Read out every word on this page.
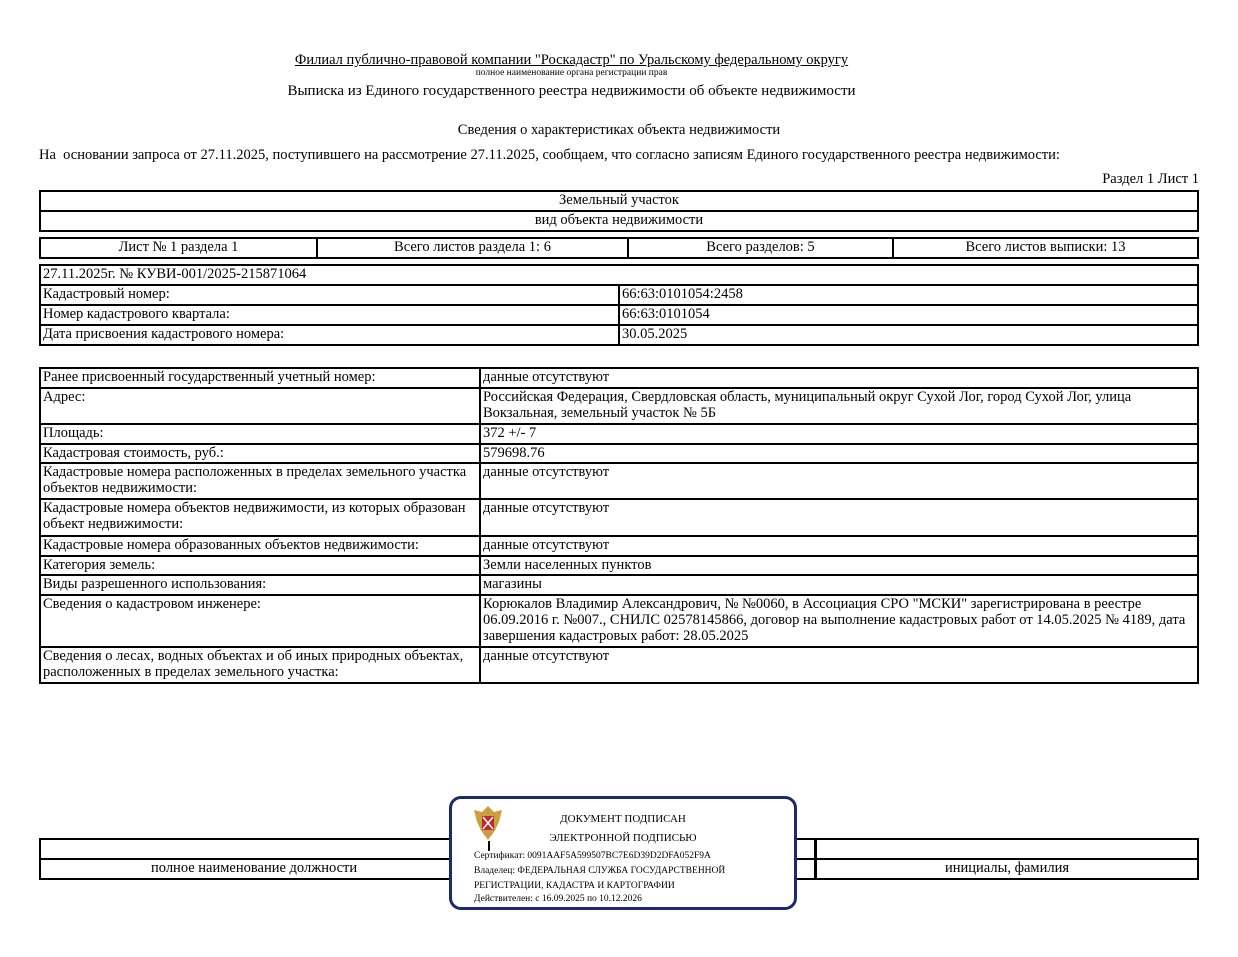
Филиал публично-правовой компании "Роскадастр" по Уральскому федеральному округу
полное наименование органа регистрации прав
Выписка из Единого государственного реестра недвижимости об объекте недвижимости
Сведения о характеристиках объекта недвижимости
На  основании запроса от 27.11.2025, поступившего на рассмотрение 27.11.2025, сообщаем, что согласно записям Единого государственного реестра недвижимости:
Раздел 1 Лист 1
Земельный участок
вид объекта недвижимости
Лист № 1 раздела 1	Всего листов раздела 1: 6	Всего разделов: 5	Всего листов выписки: 13
27.11.2025г. № КУВИ-001/2025-215871064	
Кадастровый номер:	66:63:0101054:2458
Номер кадастрового квартала:	66:63:0101054
Дата присвоения кадастрового номера:	30.05.2025
Ранее присвоенный государственный учетный номер:	данные отсутствуют
Адрес:	Российская Федерация, Свердловская область, муниципальный округ Сухой Лог, город Сухой Лог, улица Вокзальная, земельный участок № 5Б
Площадь:	372 +/- 7
Кадастровая стоимость, руб.:	579698.76
Кадастровые номера расположенных в пределах земельного участка объектов недвижимости:	данные отсутствуют
Кадастровые номера объектов недвижимости, из которых образован объект недвижимости:	данные отсутствуют
Кадастровые номера образованных объектов недвижимости:	данные отсутствуют
Категория земель:	Земли населенных пунктов
Виды разрешенного использования:	магазины
Сведения о кадастровом инженере:	Корюкалов Владимир Александрович, № №0060, в Ассоциация СРО "МСКИ" зарегистрирована в реестре 06.09.2016 г. №007., СНИЛС 02578145866, договор на выполнение кадастровых работ от 14.05.2025 № 4189, дата завершения кадастровых работ: 28.05.2025
Сведения о лесах, водных объектах и об иных природных объектах, расположенных в пределах земельного участка:	данные отсутствуют

полное наименование должности	инициалы, фамилия
ДОКУМЕНТ ПОДПИСАН
ЭЛЕКТРОННОЙ ПОДПИСЬЮ
Сертификат: 0091AAF5A599507BC7E6D39D2DFA052F9A
Владелец: ФЕДЕРАЛЬНАЯ СЛУЖБА ГОСУДАРСТВЕННОЙ
РЕГИСТРАЦИИ, КАДАСТРА И КАРТОГРАФИИ
Действителен: с 16.09.2025 по 10.12.2026
